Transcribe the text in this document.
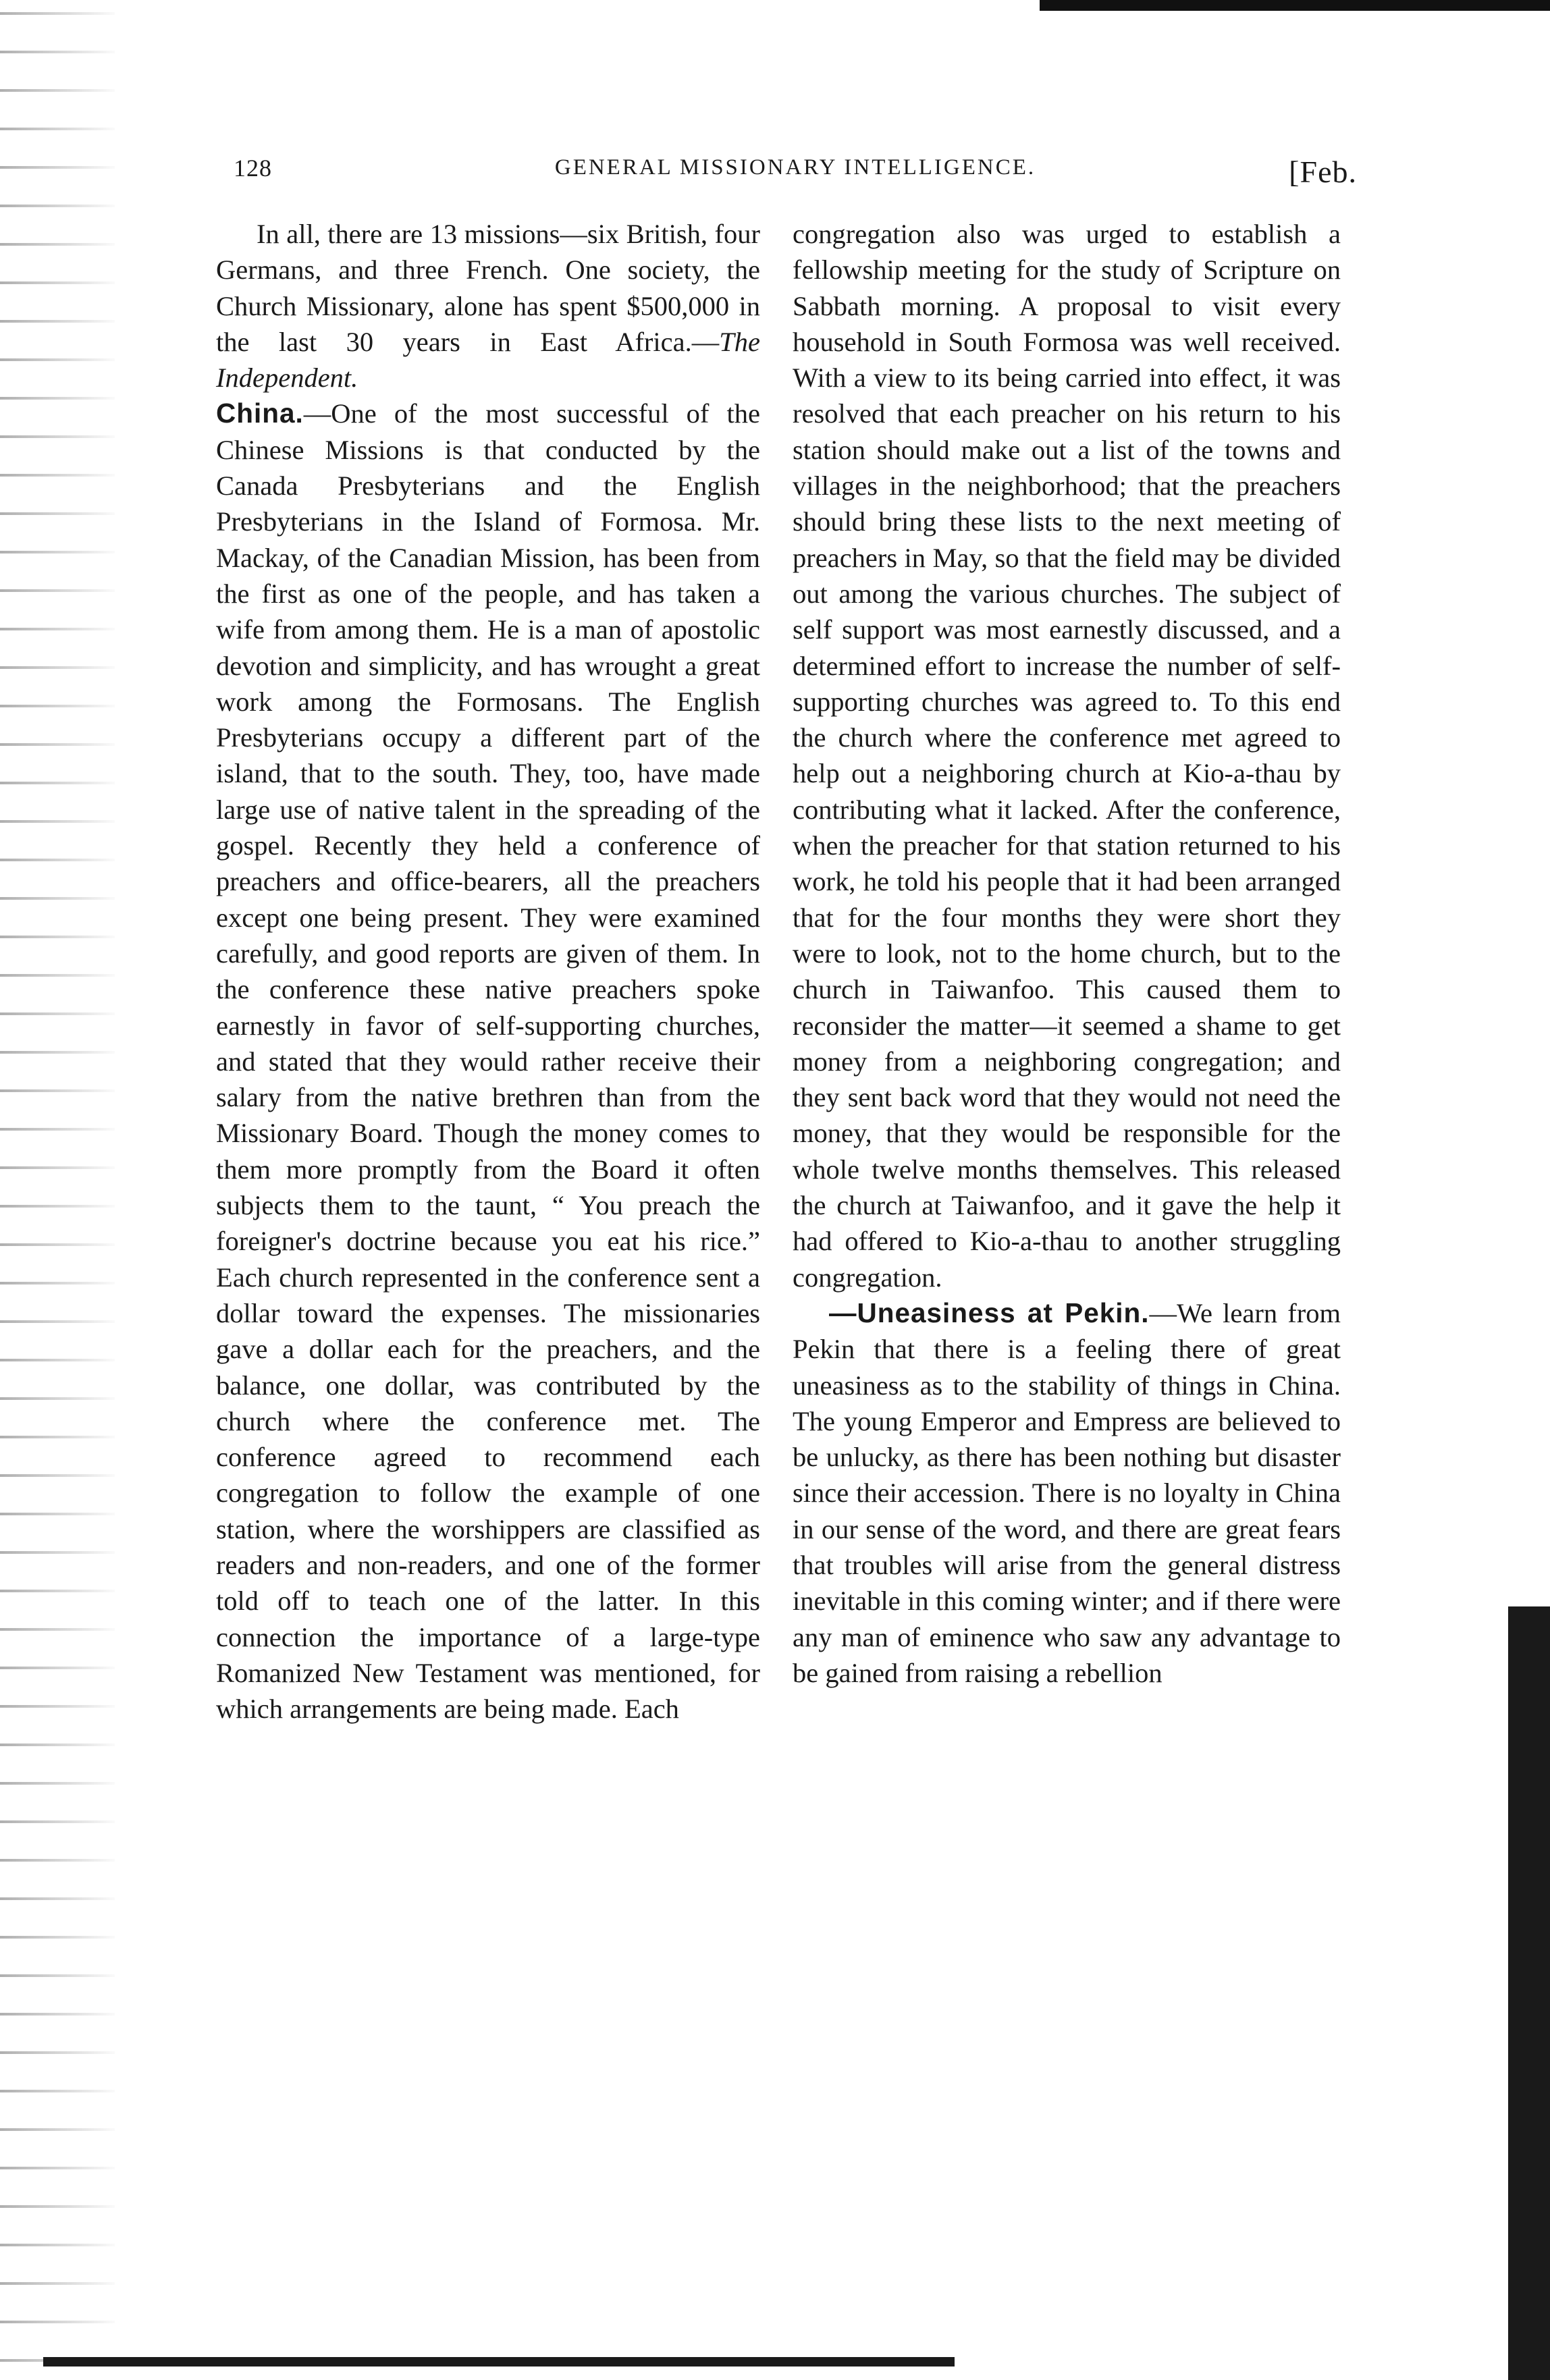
128	GENERAL MISSIONARY INTELLIGENCE.	[Feb.

In all, there are 13 missions—six British, four Germans, and three French. One society, the Church Missionary, alone has spent $500,000 in the last 30 years in East Africa.—The Independent.

China.—One of the most successful of the Chinese Missions is that conducted by the Canada Presbyterians and the English Presbyterians in the Island of Formosa. Mr. Mackay, of the Canadian Mission, has been from the first as one of the people, and has taken a wife from among them. He is a man of apostolic devotion and simplicity, and has wrought a great work among the Formosans. The English Presbyterians occupy a different part of the island, that to the south. They, too, have made large use of native talent in the spreading of the gospel. Recently they held a conference of preachers and office-bearers, all the preachers except one being present. They were examined carefully, and good reports are given of them. In the conference these native preachers spoke earnestly in favor of self-supporting churches, and stated that they would rather receive their salary from the native brethren than from the Missionary Board. Though the money comes to them more promptly from the Board it often subjects them to the taunt, “ You preach the foreigner's doctrine because you eat his rice.” Each church represented in the conference sent a dollar toward the expenses. The missionaries gave a dollar each for the preachers, and the balance, one dollar, was contributed by the church where the conference met. The conference agreed to recommend each congregation to follow the example of one station, where the worshippers are classified as readers and non-readers, and one of the former told off to teach one of the latter. In this connection the importance of a large-type Romanized New Testament was mentioned, for which arrangements are being made. Each

congregation also was urged to establish a fellowship meeting for the study of Scripture on Sabbath morning. A proposal to visit every household in South Formosa was well received. With a view to its being carried into effect, it was resolved that each preacher on his return to his station should make out a list of the towns and villages in the neighborhood; that the preachers should bring these lists to the next meeting of preachers in May, so that the field may be divided out among the various churches. The subject of self support was most earnestly discussed, and a determined effort to increase the number of self-supporting churches was agreed to. To this end the church where the conference met agreed to help out a neighboring church at Kio-a-thau by contributing what it lacked. After the conference, when the preacher for that station returned to his work, he told his people that it had been arranged that for the four months they were short they were to look, not to the home church, but to the church in Taiwanfoo. This caused them to reconsider the matter—it seemed a shame to get money from a neighboring congregation; and they sent back word that they would not need the money, that they would be responsible for the whole twelve months themselves. This released the church at Taiwanfoo, and it gave the help it had offered to Kio-a-thau to another struggling congregation.

—Uneasiness at Pekin.—We learn from Pekin that there is a feeling there of great uneasiness as to the stability of things in China. The young Emperor and Empress are believed to be unlucky, as there has been nothing but disaster since their accession. There is no loyalty in China in our sense of the word, and there are great fears that troubles will arise from the general distress inevitable in this coming winter; and if there were any man of eminence who saw any advantage to be gained from raising a rebellion
